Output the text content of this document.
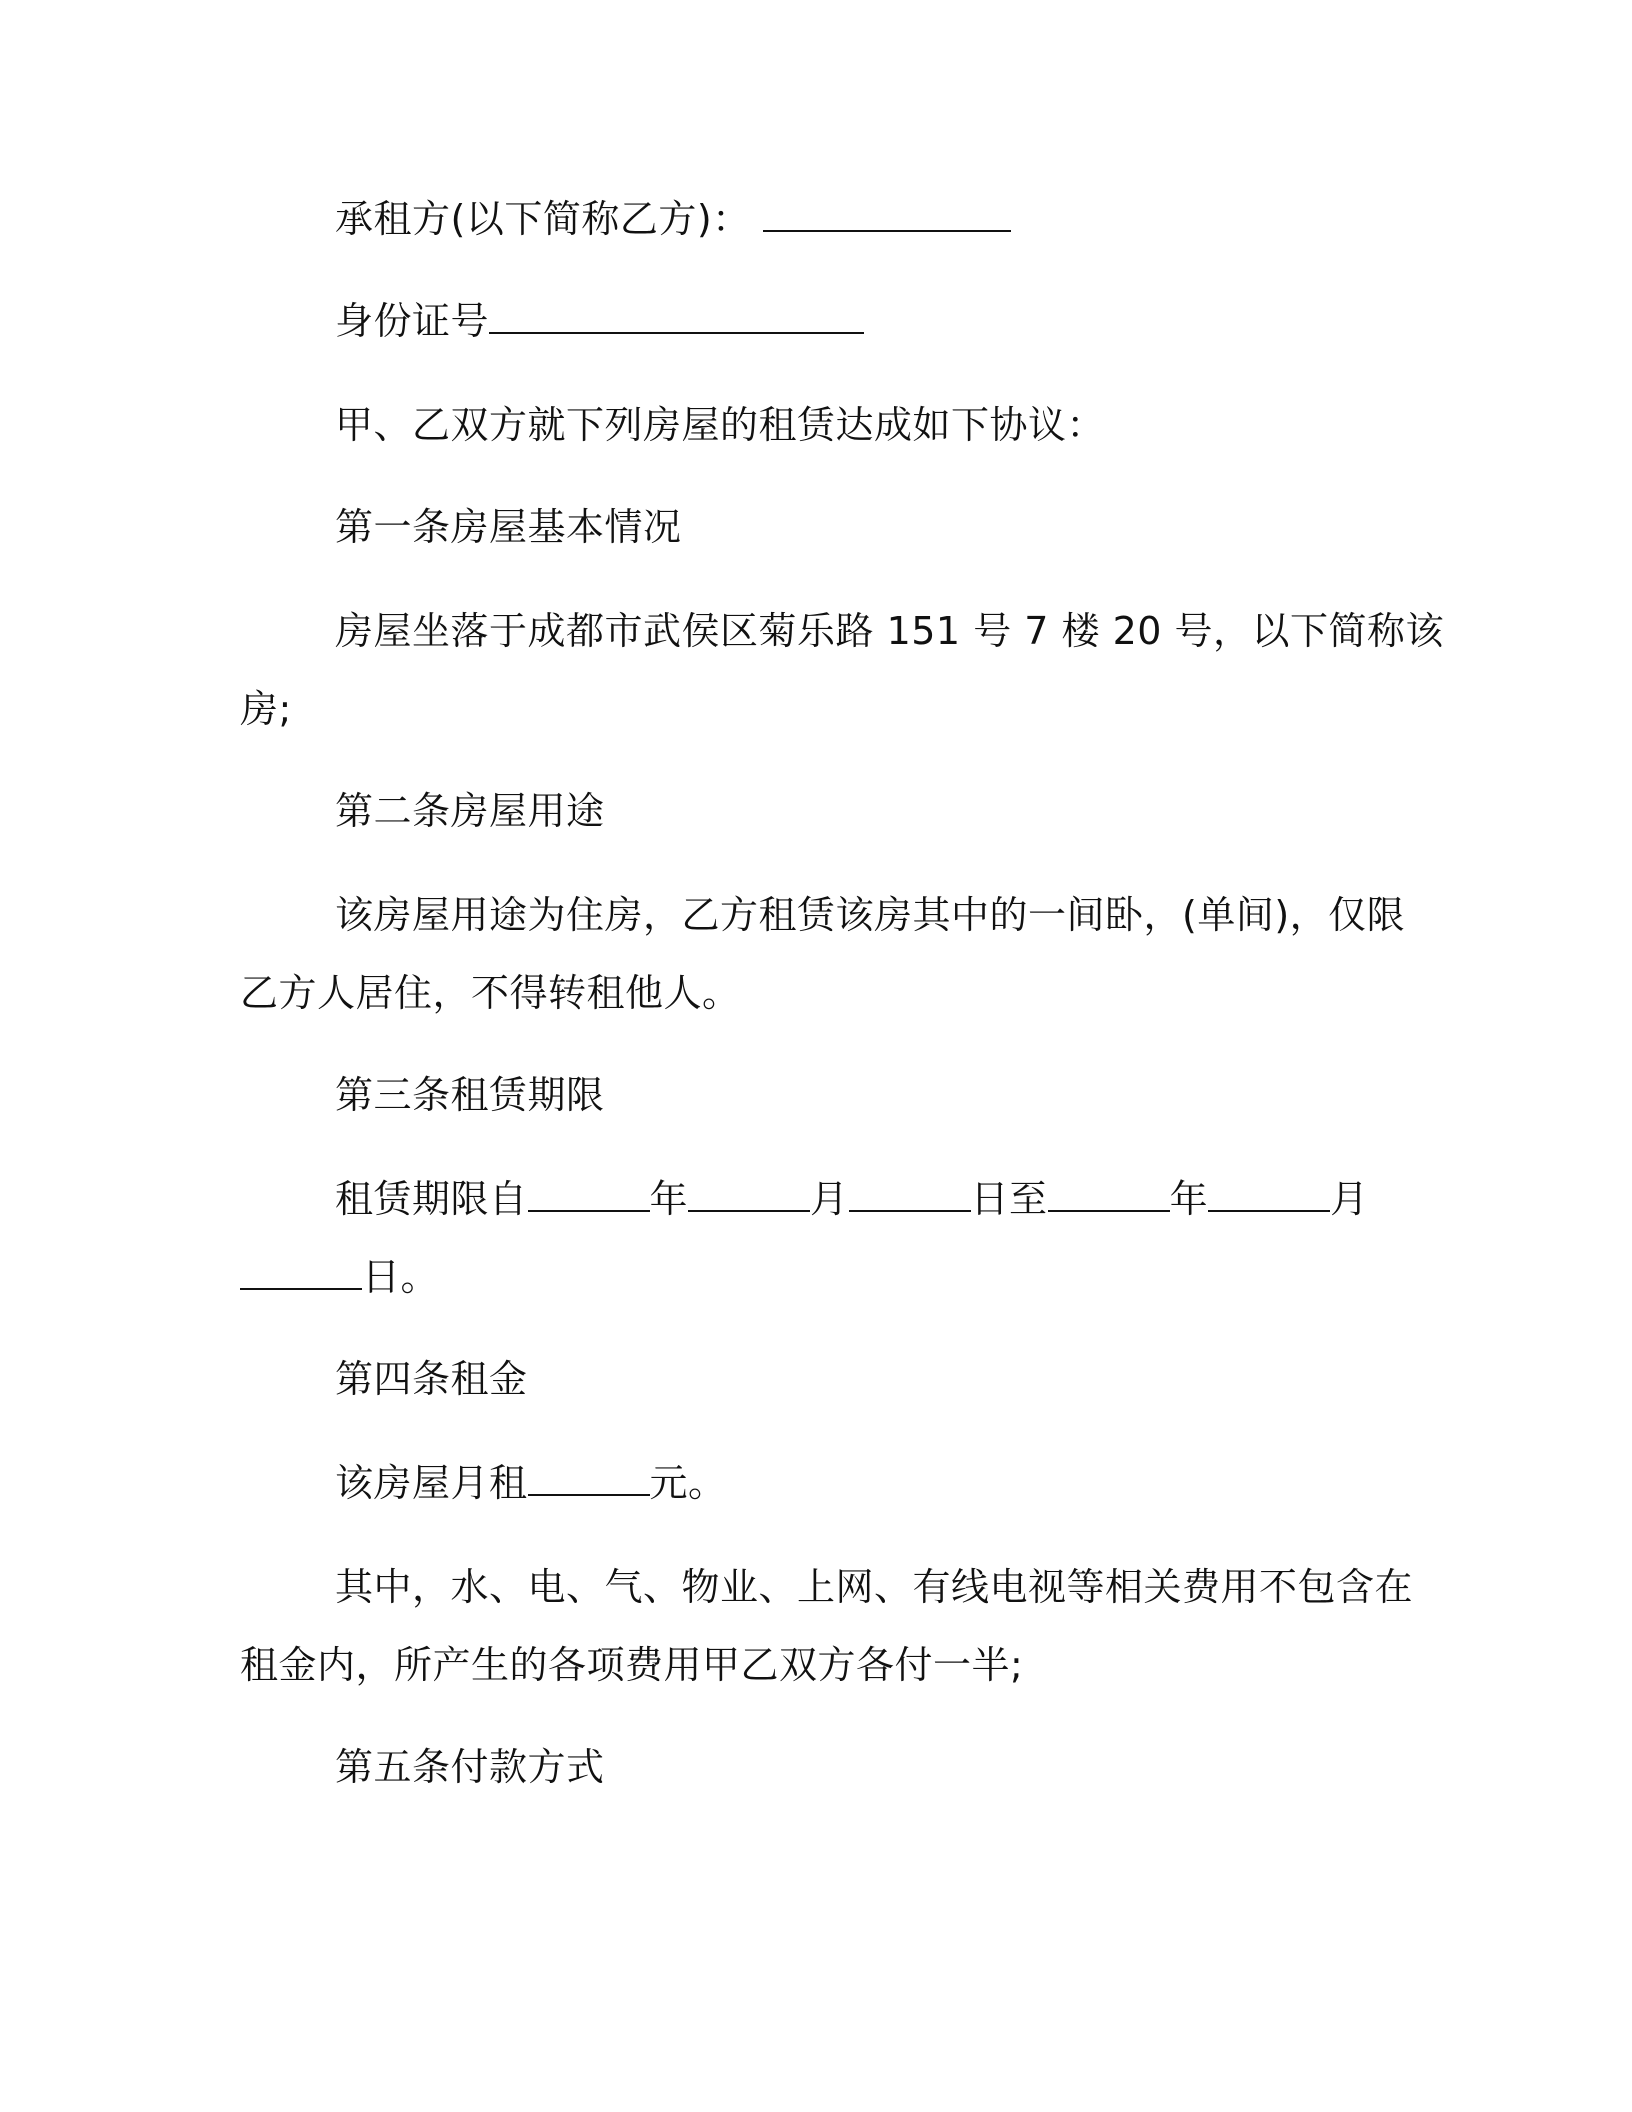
承租方(以下简称乙方)：
身份证号
甲、乙双方就下列房屋的租赁达成如下协议：
第一条房屋基本情况
房屋坐落于成都市武侯区菊乐路 151 号 7 楼 20 号，以下简称该
房;
第二条房屋用途
该房屋用途为住房，乙方租赁该房其中的一间卧，(单间)，仅限
乙方人居住，不得转租他人。
第三条租赁期限
租赁期限自	年	月	日至	年	月
日。
第四条租金
该房屋月租	元。
其中，水、电、气、物业、上网、有线电视等相关费用不包含在
租金内，所产生的各项费用甲乙双方各付一半;
第五条付款方式
